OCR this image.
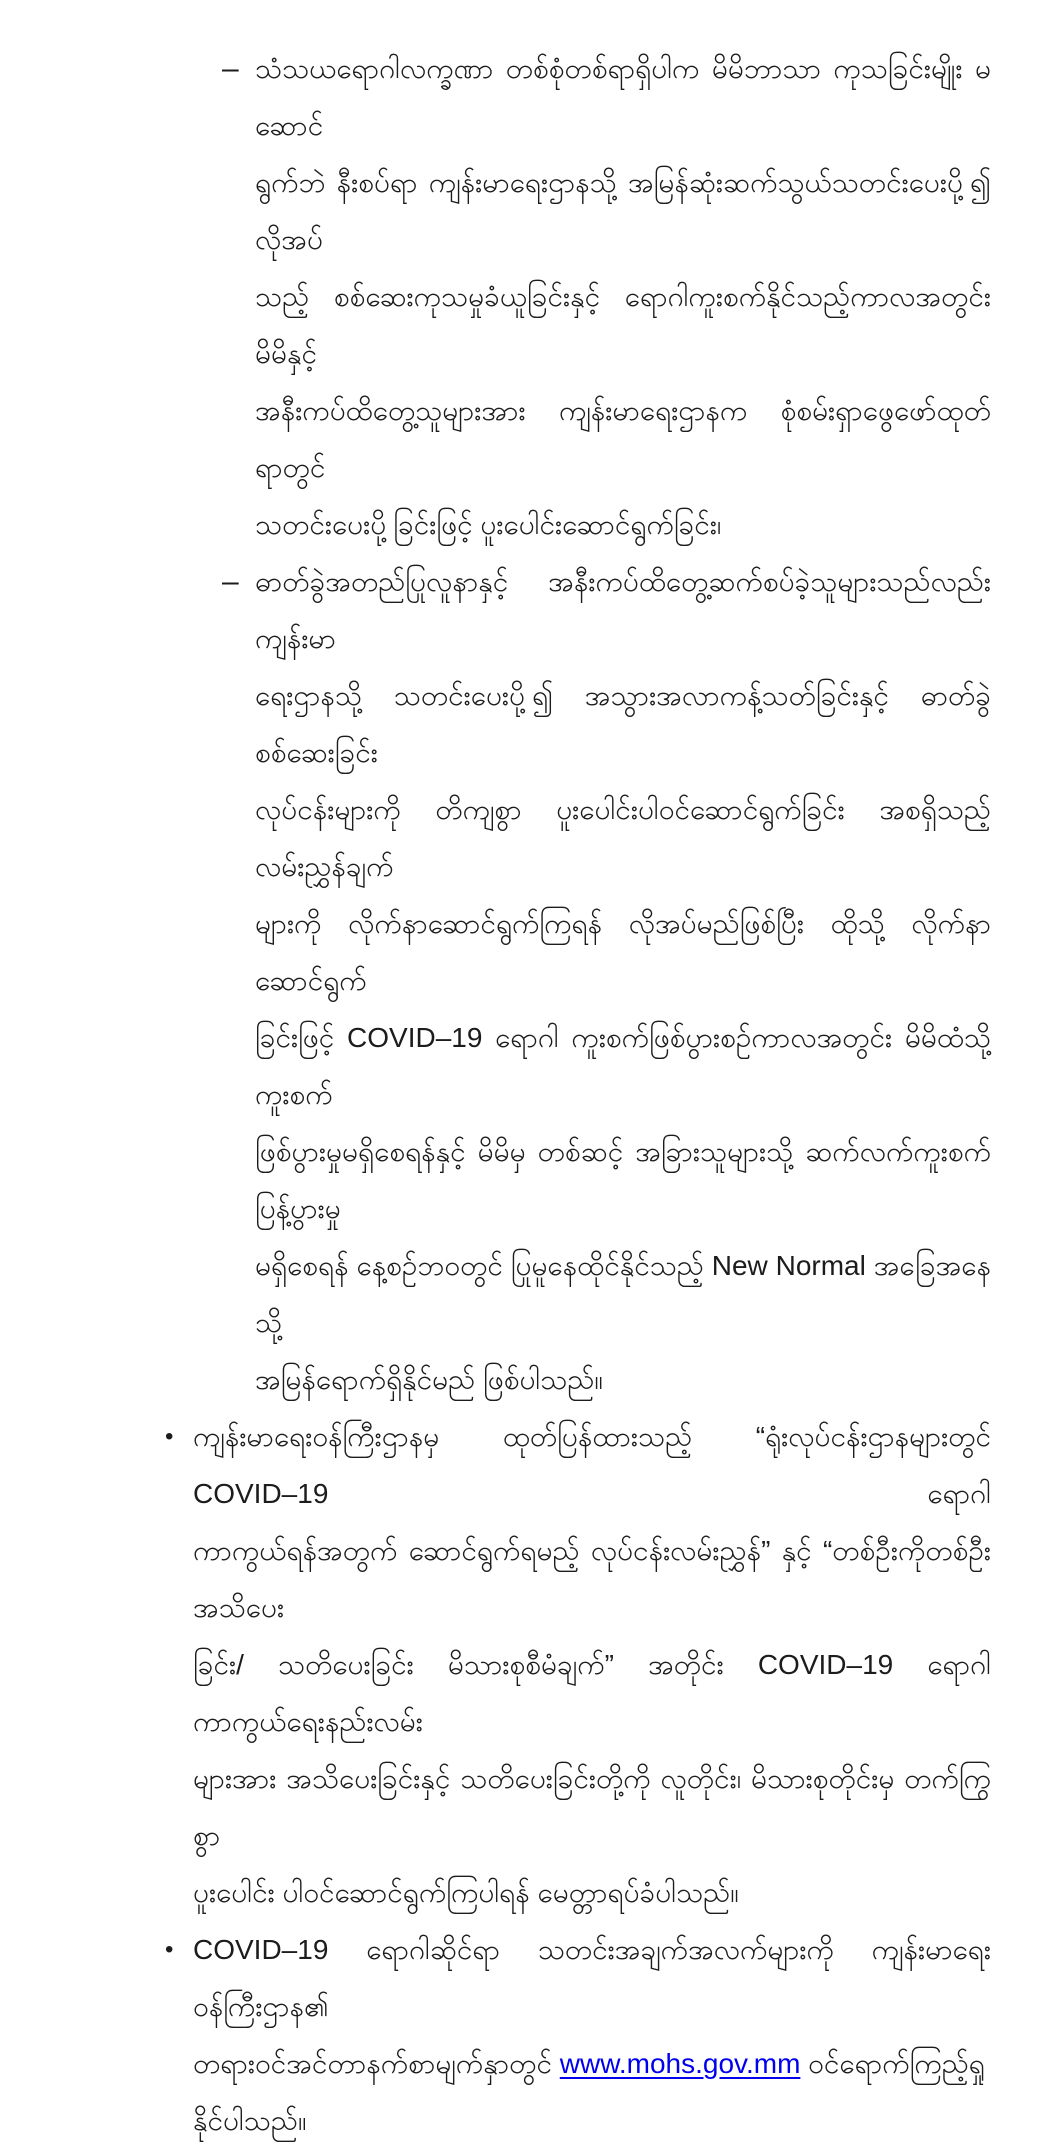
– သံသယရောဂါလက္ခဏာ တစ်စုံတစ်ရာရှိပါက မိမိဘာသာ ကုသခြင်းမျိုး မဆောင်
ရွက်ဘဲ နီးစပ်ရာ ကျန်းမာရေးဌာနသို့ အမြန်ဆုံးဆက်သွယ်သတင်းပေးပို့၍ လိုအပ်
သည့် စစ်ဆေးကုသမှုခံယူခြင်းနှင့် ရောဂါကူးစက်နိုင်သည့်ကာလအတွင်း မိမိနှင့်
အနီးကပ်ထိတွေ့သူများအား ကျန်းမာရေးဌာနက စုံစမ်းရှာဖွေဖော်ထုတ်ရာတွင်
သတင်းပေးပို့ခြင်းဖြင့် ပူးပေါင်းဆောင်ရွက်ခြင်း၊
– ဓာတ်ခွဲအတည်ပြုလူနာနှင့် အနီးကပ်ထိတွေ့ဆက်စပ်ခဲ့သူများသည်လည်း ကျန်းမာ
ရေးဌာနသို့ သတင်းပေးပို့၍ အသွားအလာကန့်သတ်ခြင်းနှင့် ဓာတ်ခွဲစစ်ဆေးခြင်း
လုပ်ငန်းများကို တိကျစွာ ပူးပေါင်းပါဝင်ဆောင်ရွက်ခြင်း အစရှိသည့် လမ်းညွှန်ချက်
များကို လိုက်နာဆောင်ရွက်ကြရန် လိုအပ်မည်ဖြစ်ပြီး ထိုသို့ လိုက်နာဆောင်ရွက်
ခြင်းဖြင့် COVID–19 ရောဂါ ကူးစက်ဖြစ်ပွားစဉ်ကာလအတွင်း မိမိထံသို့ ကူးစက်
ဖြစ်ပွားမှုမရှိစေရန်နှင့် မိမိမှ တစ်ဆင့် အခြားသူများသို့ ဆက်လက်ကူးစက်ပြန့်ပွားမှု
မရှိစေရန် နေ့စဉ်ဘဝတွင် ပြုမူနေထိုင်နိုင်သည့် New Normal အခြေအနေ သို့
အမြန်ရောက်ရှိနိုင်မည် ဖြစ်ပါသည်။
• ကျန်းမာရေးဝန်ကြီးဌာနမှ ထုတ်ပြန်ထားသည့် “ရုံးလုပ်ငန်းဌာနများတွင် COVID–19 ရောဂါ
ကာကွယ်ရန်အတွက် ဆောင်ရွက်ရမည့် လုပ်ငန်းလမ်းညွှန်” နှင့် “တစ်ဦးကိုတစ်ဦး အသိပေး
ခြင်း/ သတိပေးခြင်း မိသားစုစီမံချက်” အတိုင်း COVID–19 ရောဂါ ကာကွယ်ရေးနည်းလမ်း
များအား အသိပေးခြင်းနှင့် သတိပေးခြင်းတို့ကို လူတိုင်း၊ မိသားစုတိုင်းမှ တက်ကြွစွာ
ပူးပေါင်း ပါဝင်ဆောင်ရွက်ကြပါရန် မေတ္တာရပ်ခံပါသည်။
• COVID–19 ရောဂါဆိုင်ရာ သတင်းအချက်အလက်များကို ကျန်းမာရေးဝန်ကြီးဌာန၏
တရားဝင်အင်တာနက်စာမျက်နှာတွင် www.mohs.gov.mm ဝင်ရောက်ကြည့်ရှုနိုင်ပါသည်။
